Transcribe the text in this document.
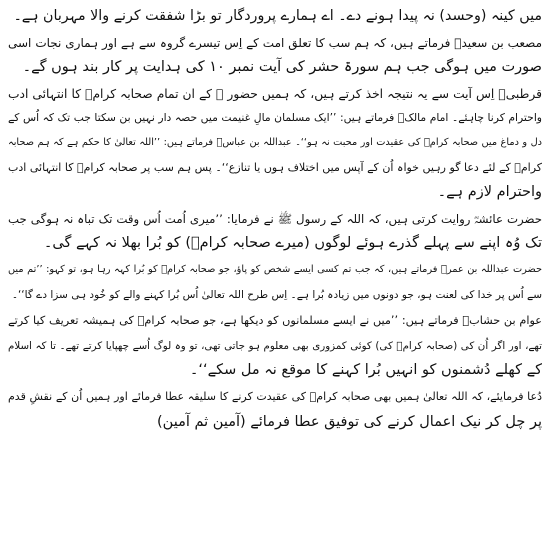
میں کینہ (وحسد) نہ پیدا ہونے دے۔ اے ہمارے پروردگار تو بڑا شفقت کرنے والا مہربان ہے۔
مصعب بن سعیدؓ فرماتے ہیں، کہ ہم سب کا تعلق امت کے اِس تیسرے گروہ سے ہے اور ہماری نجات اسی
صورت میں ہوگی جب ہم سورۃ حشر کی آیت نمبر ۱۰ کی ہدایت پر کار بند ہوں گے۔
قرطبیؒ اِس آیت سے یہ نتیجہ اخذ کرتے ہیں، کہ ہمیں حضور ﷺ کے ان تمام صحابہ کرامؓ کا انتہائی ادب
واحترام کرنا چاہئے۔ امام مالکؒ فرماتے ہیں: ’’ایک مسلمان مالِ غنیمت میں حصہ دار نہیں بن سکتا جب تک کہ اُس کے
دل و دماغ میں صحابہ کرامؓ کی عقیدت اور محبت نہ ہو‘‘۔ عبداللہ بن عباسؓ فرماتے ہیں: ’’اللہ تعالیٰ کا حکم ہے کہ ہم صحابہ
کرامؓ کے لئے دعا گو رہیں خواہ اُن کے آپس میں اختلاف ہوں یا تنازع‘‘۔ پس ہم سب پر صحابہ کرامؓ کا انتہائی ادب
واحترام لازم ہے۔
حضرت عائشہؓ روایت کرتی ہیں، کہ اللہ کے رسول ﷺ نے فرمایا: ’’میری اُمت اُس وقت تک تباہ نہ ہوگی جب
تک وُہ اپنے سے پہلے گذرے ہوئے لوگوں (میرے صحابہ کرامؓ) کو بُرا بھلا نہ کہے گی۔
حضرت عبداللہ بن عمرؓ فرماتے ہیں، کہ جب تم کسی ایسے شخص کو پاؤ، جو صحابہ کرامؓ کو بُرا کہہ رہا ہو، تو کہو: ’’تم میں
سے اُس پر خدا کی لعنت ہو، جو دونوں میں زیادہ بُرا ہے۔ اِس طرح اللہ تعالیٰ اُس بُرا کہنے والے کو خُود ہی سزا دے گا‘‘۔
عوام بن حشابؒ فرماتے ہیں: ’’میں نے ایسے مسلمانوں کو دیکھا ہے، جو صحابہ کرامؓ کی ہمیشہ تعریف کیا کرتے
تھے، اور اگر اُن کی (صحابہ کرامؓ کی) کوئی کمزوری بھی معلوم ہو جاتی تھی، تو وہ لوگ اُسے چھپایا کرتے تھے۔ تا کہ اسلام
کے کھلے دُشمنوں کو انہیں بُرا کہنے کا موقع نہ مل سکے‘‘۔
دُعا فرمایئے، کہ اللہ تعالیٰ ہمیں بھی صحابہ کرامؓ کی عقیدت کرنے کا سلیقہ عطا فرمائے اور ہمیں اُن کے نقشِ قدم
پر چل کر نیک اعمال کرنے کی توفیق عطا فرمائے (آمین ثم آمین)
